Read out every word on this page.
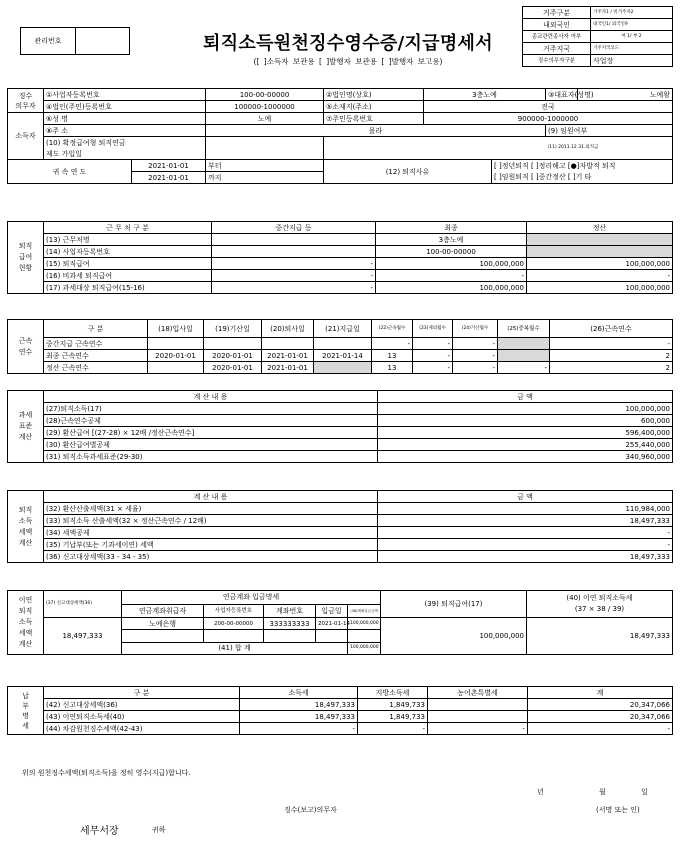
관리번호		퇴직소득원천징수영수증/지급명세서
([ ]소득자 보관용 [ ]발행자 보관용 [ ]발행자 보고용)
거주구분	거주자1 / 비거주자2
내외국인	내국인1/ 외국인9
종교관련종사자 여부	여 1/ 부 2
거주지국	거주지국코드
징수의무자구분	사업장
징수
의무자	①사업자등록번호		100-00-00000	②법인명(상호)	3층노예		③대표자(성명)	노예왕	
	④법인(주민)등록번호		100000-1000000	⑤소재지(주소)	전국				
소득자	⑥성 명		노예	⑦주민등록번호	900000-1000000				
	⑧주 소		몰라				(9) 임원여부	
	(10) 확정급여형 퇴직연금						(11) 2011.12.31.퇴직금		
	제도 가입일								
귀 속 연 도		2021-01-01	부터	(12) 퇴직사유		[ ]정년퇴직 [ ]정리해고 [●]자발적 퇴직			
		2021-01-01	까지			[ ]임원퇴직 [ ]중간정산 [ ]기 타			
퇴직
급여
현황	근 무 처 구 분	중간지급 등	최종	정산
	(13) 근무처명		3층노예	
	(14) 사업자등록번호		100-00-00000	
	(15) 퇴직급여	-	100,000,000	100,000,000
	(16) 비과세 퇴직급여	-	-	-
	(17) 과세대상 퇴직급여(15-16)	-	100,000,000	100,000,000
근속
연수	구 분	(18)입사일	(19)기산일	(20)퇴사일	(21)지급일	(22)근속월수	(23)제외월수	(24)가산월수	(25)중복월수	(26)근속연수
	중간지급 근속연수					-	-	-		-
	최종 근속연수	2020-01-01	2020-01-01	2021-01-01	2021-01-14	13	-	-		2
	정산 근속연수		2020-01-01	2021-01-01		13	-	-	-	2
과세
표준
계산	계 산 내 용	금 액
	(27)퇴직소득(17)	100,000,000
	(28)근속연수공제	600,000
	(29) 환산급여 [(27-28) × 12배 /정산근속연수]	596,400,000
	(30) 환산급여별공제	255,440,000
	(31) 퇴직소득과세표준(29-30)	340,960,000
퇴직
소득
세액
계산	계 산 내 용	금 액
	(32) 환산산출세액(31 × 세율)	110,984,000
	(33) 퇴직소득 산출세액(32 × 정산근속연수 / 12배)	18,497,333
	(34) 세액공제	-
	(35) 기납부(또는 기과세이연) 세액	-
	(36) 신고대상세액(33 - 34 - 35)	18,497,333
이연
퇴직
소득
세액
계산	(37) 신고대상세액(36)	연금계좌 입금명세					(39) 퇴직급여(17)	(40) 이연 퇴직소득세
(37 × 38 / 39)
		연금계좌취급자	사업자등록번호	계좌번호	입금일	(38)계좌입금금액		
	18,497,333	노예은행	200-00-00000	333333333	2021-01-14	100,000,000	100,000,000	18,497,333

		(41) 합 계				100,000,000		
납
부
명
세	구 분	소득세	지방소득세	농어촌특별세	계
	(42) 신고대상세액(36)	18,497,333	1,849,733		20,347,066
	(43) 이연퇴직소득세(40)	18,497,333	1,849,733		20,347,066
	(44) 차감원천징수세액(42-43)	-	-	-	-
위의 원천징수세액(퇴직소득)을 정히 영수(지급)합니다.
년	월	일
징수(보고)의무자	(서명 또는 인)
세무서장	귀하
